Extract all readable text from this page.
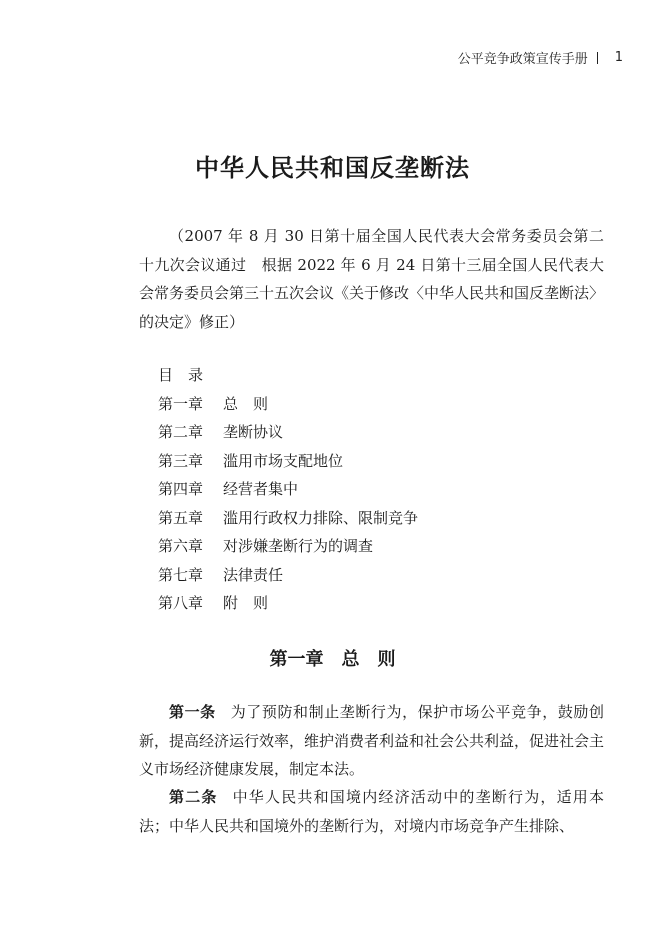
公平竞争政策宣传手册 1
中华人民共和国反垄断法
（2007 年 8 月 30 日第十届全国人民代表大会常务委员会第二十九次会议通过　根据 2022 年 6 月 24 日第十三届全国人民代表大会常务委员会第三十五次会议《关于修改〈中华人民共和国反垄断法〉的决定》修正）
目　录
第一章 总　则
第二章 垄断协议
第三章 滥用市场支配地位
第四章 经营者集中
第五章 滥用行政权力排除、限制竞争
第六章 对涉嫌垄断行为的调查
第七章 法律责任
第八章 附　则
第一章　总　则
第一条 为了预防和制止垄断行为，保护市场公平竞争，鼓励创新，提高经济运行效率，维护消费者利益和社会公共利益，促进社会主义市场经济健康发展，制定本法。
第二条 中华人民共和国境内经济活动中的垄断行为，适用本法；中华人民共和国境外的垄断行为，对境内市场竞争产生排除、
